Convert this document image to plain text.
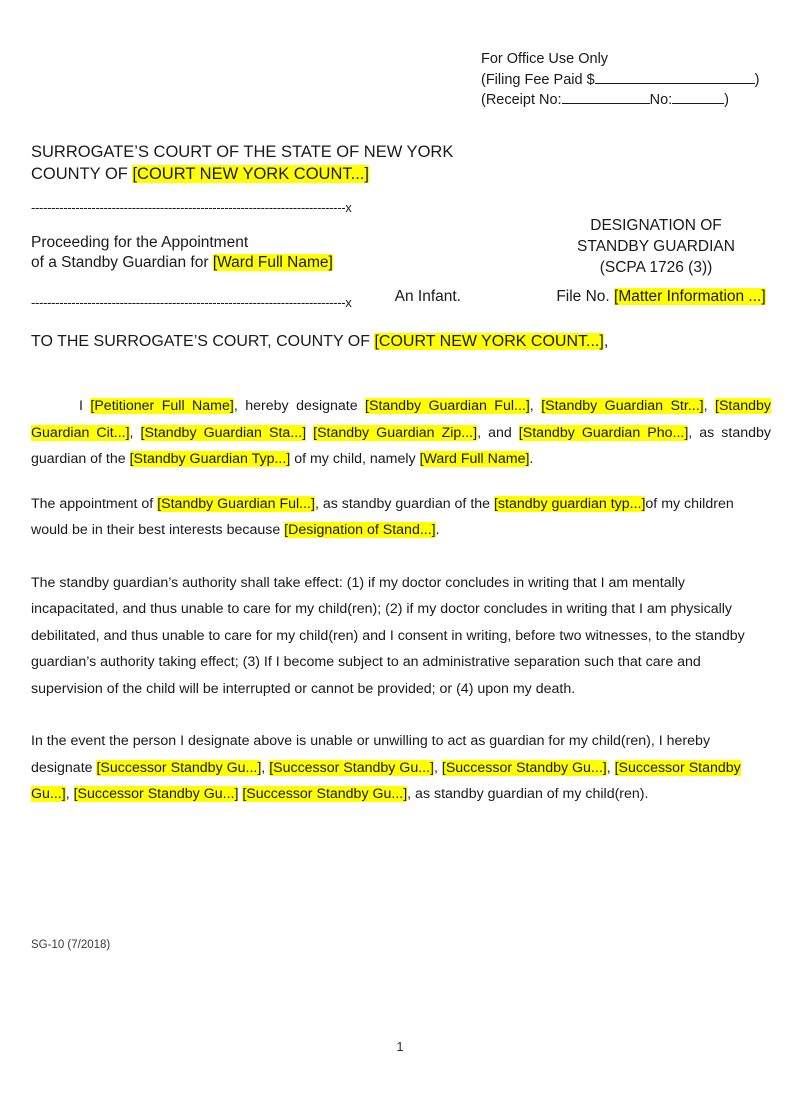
For Office Use Only
(Filing Fee Paid $	)
(Receipt No:	No:	)
SURROGATE’S COURT OF THE STATE OF NEW YORK
COUNTY OF [COURT NEW YORK COUNT...]
------------------------------------------------------------------------------x
Proceeding for the Appointment
of a Standby Guardian for [Ward Full Name]
An Infant.
DESIGNATION OF
STANDBY GUARDIAN
(SCPA 1726 (3))
File No. [Matter Information ...]
------------------------------------------------------------------------------x
TO THE SURROGATE’S COURT, COUNTY OF [COURT NEW YORK COUNT...],

I [Petitioner Full Name], hereby designate [Standby Guardian Ful...], [Standby Guardian Str...], [Standby Guardian Cit...], [Standby Guardian Sta...] [Standby Guardian Zip...], and [Standby Guardian Pho...], as standby guardian of the [Standby Guardian Typ...] of my child, namely [Ward Full Name].

The appointment of [Standby Guardian Ful...], as standby guardian of the [standby guardian typ...]of my children would be in their best interests because [Designation of Stand...].

The standby guardian’s authority shall take effect: (1) if my doctor concludes in writing that I am mentally incapacitated, and thus unable to care for my child(ren); (2) if my doctor concludes in writing that I am physically debilitated, and thus unable to care for my child(ren) and I consent in writing, before two witnesses, to the standby guardian’s authority taking effect; (3) If I become subject to an administrative separation such that care and supervision of the child will be interrupted or cannot be provided; or (4) upon my death.

In the event the person I designate above is unable or unwilling to act as guardian for my child(ren), I hereby designate [Successor Standby Gu...], [Successor Standby Gu...], [Successor Standby Gu...], [Successor Standby Gu...], [Successor Standby Gu...] [Successor Standby Gu...], as standby guardian of my child(ren).

SG-10 (7/2018)
1
